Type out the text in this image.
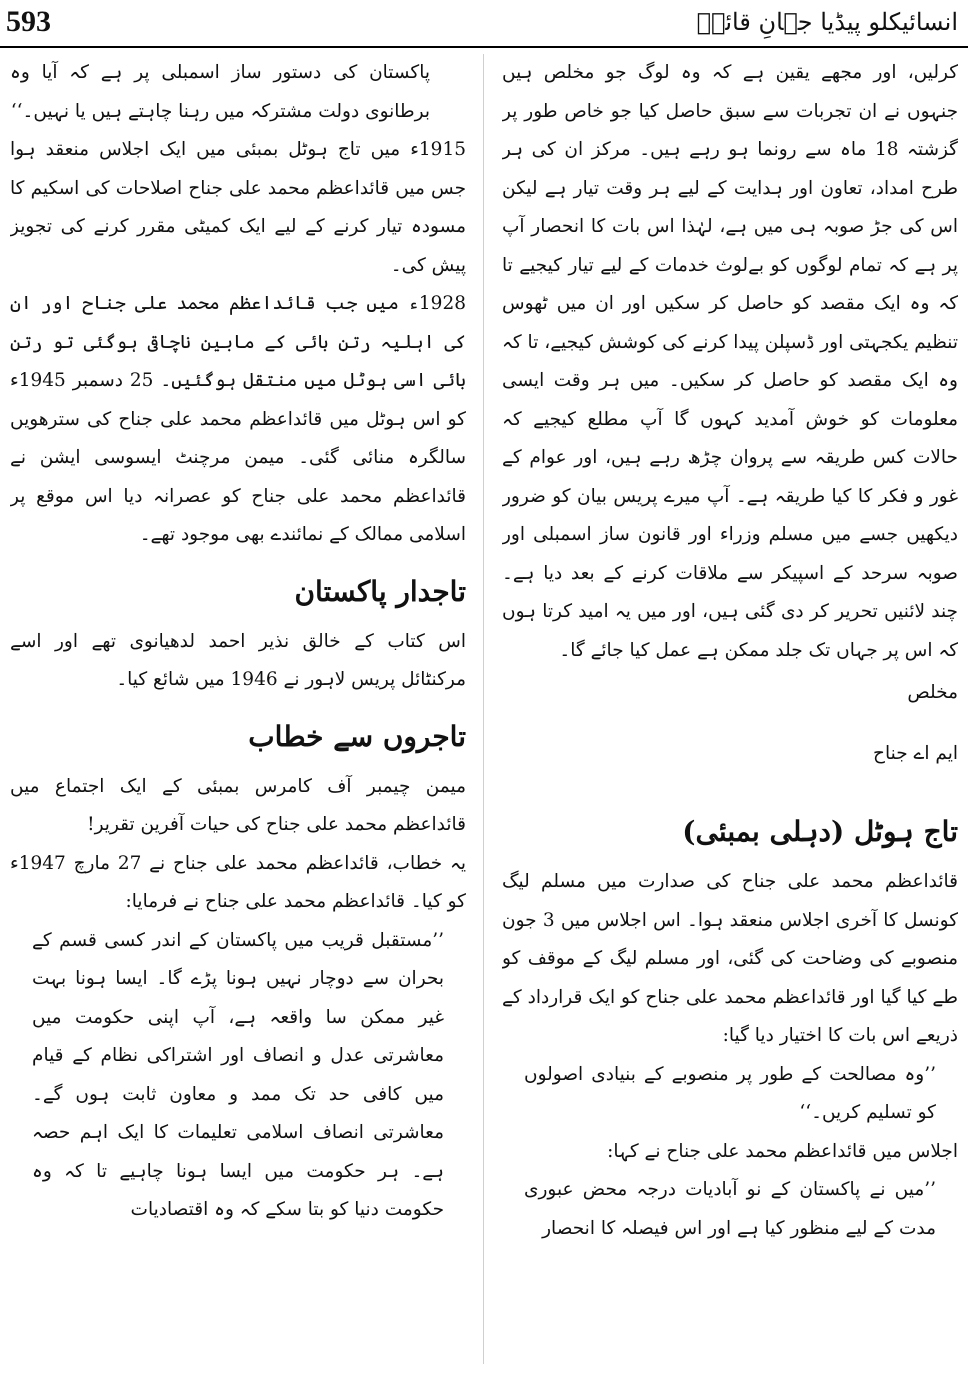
593	انسائیکلو پیڈیا جہانِ قائدؒ

کرلیں، اور مجھے یقین ہے کہ وہ لوگ جو مخلص ہیں جنہوں نے ان تجربات سے سبق حاصل کیا جو خاص طور پر گزشتہ 18 ماہ سے رونما ہو رہے ہیں۔ مرکز ان کی ہر طرح امداد، تعاون اور ہدایت کے لیے ہر وقت تیار ہے لیکن اس کی جڑ صوبہ ہی میں ہے، لہٰذا اس بات کا انحصار آپ پر ہے کہ تمام لوگوں کو بےلوث خدمات کے لیے تیار کیجیے تا کہ وہ ایک مقصد کو حاصل کر سکیں اور ان میں ٹھوس تنظیم یکجہتی اور ڈسپلن پیدا کرنے کی کوشش کیجیے، تا کہ وہ ایک مقصد کو حاصل کر سکیں۔ میں ہر وقت ایسی معلومات کو خوش آمدید کہوں گا آپ مطلع کیجیے کہ حالات کس طریقہ سے پروان چڑھ رہے ہیں، اور عوام کے غور و فکر کا کیا طریقہ ہے۔ آپ میرے پریس بیان کو ضرور دیکھیں جسے میں مسلم وزراء اور قانون ساز اسمبلی اور صوبہ سرحد کے اسپیکر سے ملاقات کرنے کے بعد دیا ہے۔ چند لائنیں تحریر کر دی گئی ہیں، اور میں یہ امید کرتا ہوں کہ اس پر جہاں تک جلد ممکن ہے عمل کیا جائے گا۔

مخلص

ایم اے جناح

تاج ہوٹل (دہلی بمبئی)

قائداعظم محمد علی جناح کی صدارت میں مسلم لیگ کونسل کا آخری اجلاس منعقد ہوا۔ اس اجلاس میں 3 جون منصوبے کی وضاحت کی گئی، اور مسلم لیگ کے موقف کو طے کیا گیا اور قائداعظم محمد علی جناح کو ایک قرارداد کے ذریعے اس بات کا اختیار دیا گیا:

’’وہ مصالحت کے طور پر منصوبے کے بنیادی اصولوں کو تسلیم کریں۔‘‘

اجلاس میں قائداعظم محمد علی جناح نے کہا:

’’میں نے پاکستان کے نو آبادیات درجہ محض عبوری مدت کے لیے منظور کیا ہے اور اس فیصلہ کا انحصار

پاکستان کی دستور ساز اسمبلی پر ہے کہ آیا وہ برطانوی دولت مشترکہ میں رہنا چاہتے ہیں یا نہیں۔‘‘

1915ء میں تاج ہوٹل بمبئی میں ایک اجلاس منعقد ہوا جس میں قائداعظم محمد علی جناح اصلاحات کی اسکیم کا مسودہ تیار کرنے کے لیے ایک کمیٹی مقرر کرنے کی تجویز پیش کی۔

1928ء میں جب قائداعظم محمد علی جناح اور ان کی اہلیہ رتن بائی کے مابین ناچاقی ہوگئی تو رتن بائی اسی ہوٹل میں منتقل ہوگئیں۔ 25 دسمبر 1945ء کو اس ہوٹل میں قائداعظم محمد علی جناح کی سترھویں سالگرہ منائی گئی۔ میمن مرچنٹ ایسوسی ایشن نے قائداعظم محمد علی جناح کو عصرانہ دیا اس موقع پر اسلامی ممالک کے نمائندے بھی موجود تھے۔

تاجدار پاکستان

اس کتاب کے خالق نذیر احمد لدھیانوی تھے اور اسے مرکنٹائل پریس لاہور نے 1946 میں شائع کیا۔

تاجروں سے خطاب

میمن چیمبر آف کامرس بمبئی کے ایک اجتماع میں قائداعظم محمد علی جناح کی حیات آفرین تقریر!

یہ خطاب، قائداعظم محمد علی جناح نے 27 مارچ 1947ء کو کیا۔ قائداعظم محمد علی جناح نے فرمایا:

’’مستقبل قریب میں پاکستان کے اندر کسی قسم کے بحران سے دوچار نہیں ہونا پڑے گا۔ ایسا ہونا بہت غیر ممکن سا واقعہ ہے، آپ اپنی حکومت میں معاشرتی عدل و انصاف اور اشتراکی نظام کے قیام میں کافی حد تک ممد و معاون ثابت ہوں گے۔ معاشرتی انصاف اسلامی تعلیمات کا ایک اہم حصہ ہے۔ ہر حکومت میں ایسا ہونا چاہیے تا کہ وہ حکومت دنیا کو بتا سکے کہ وہ اقتصادیات
